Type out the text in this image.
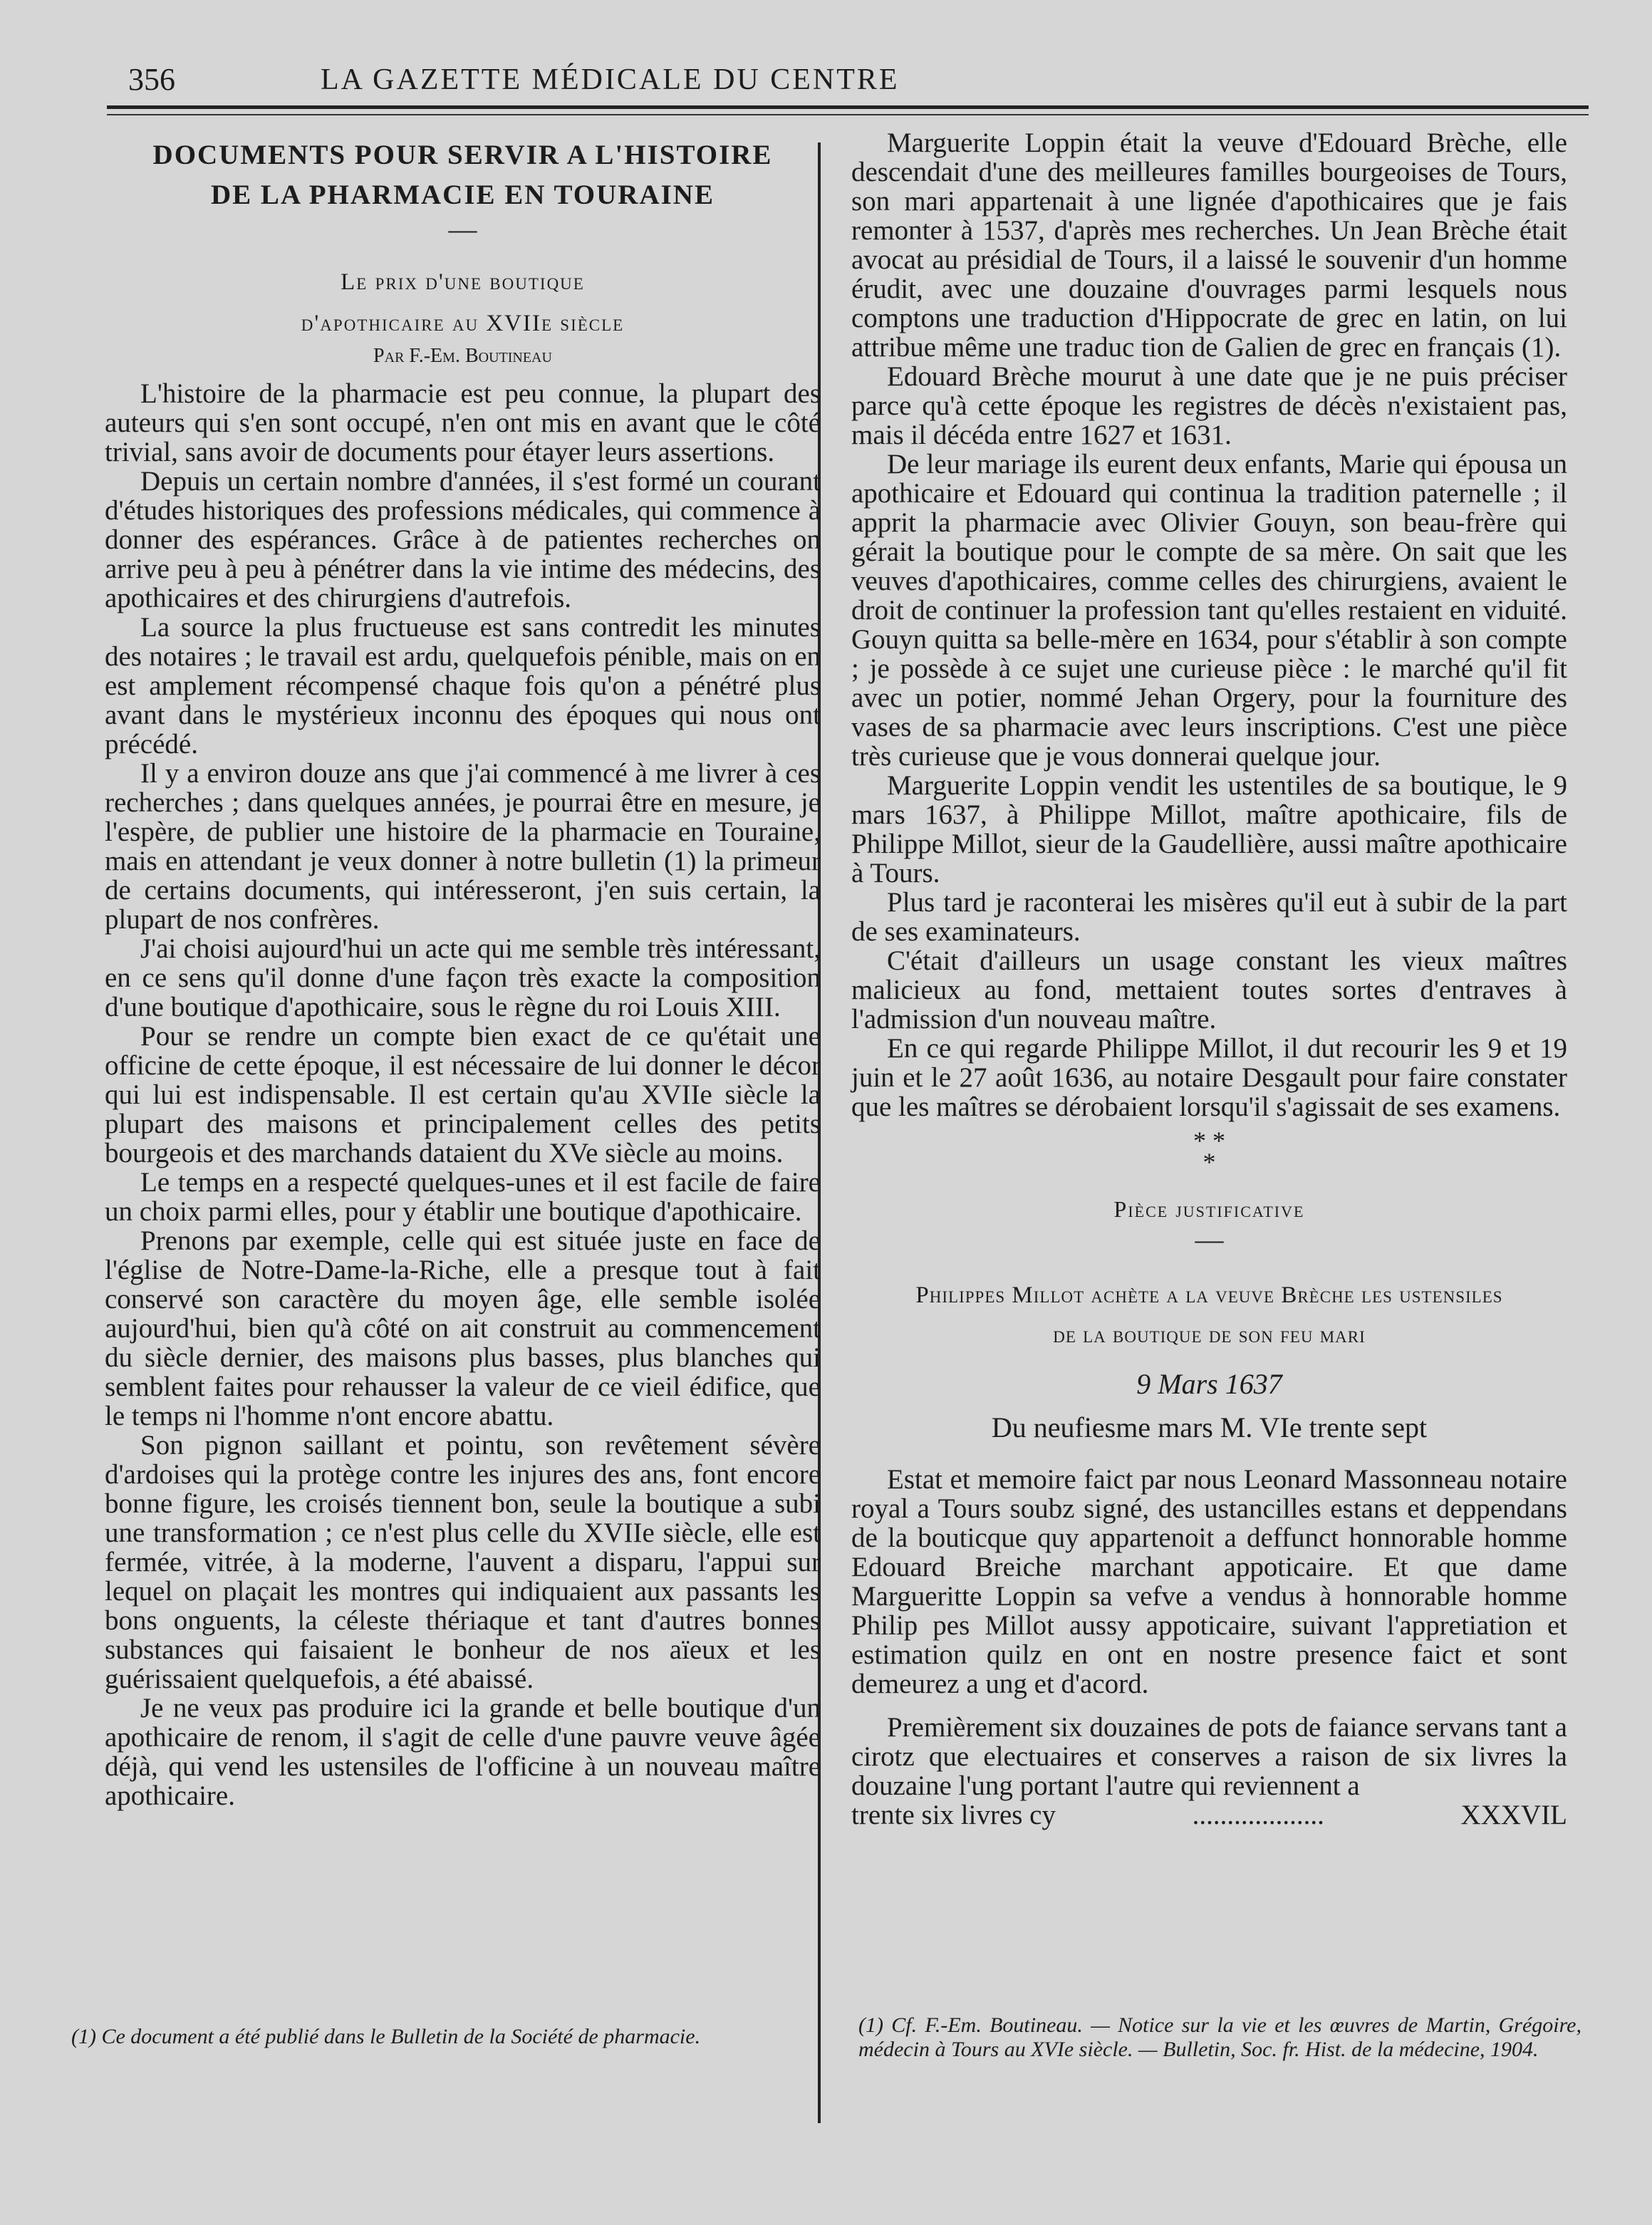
356	LA GAZETTE MÉDICALE DU CENTRE
DOCUMENTS POUR SERVIR A L'HISTOIRE
DE LA PHARMACIE EN TOURAINE
—
Le prix d'une boutique
d'apothicaire au XVIIe siècle
Par F.-Em. Boutineau

L'histoire de la pharmacie est peu connue, la plupart des auteurs qui s'en sont occupé, n'en ont mis en avant que le côté trivial, sans avoir de documents pour étayer leurs assertions.

Depuis un certain nombre d'années, il s'est formé un courant d'études historiques des professions médicales, qui commence à donner des espérances. Grâce à de patientes recherches on arrive peu à peu à pénétrer dans la vie intime des médecins, des apothicaires et des chirurgiens d'autrefois.

La source la plus fructueuse est sans contredit les minutes des notaires ; le travail est ardu, quelquefois pénible, mais on en est amplement récompensé chaque fois qu'on a pénétré plus avant dans le mystérieux inconnu des époques qui nous ont précédé.

Il y a environ douze ans que j'ai commencé à me livrer à ces recherches ; dans quelques années, je pourrai être en mesure, je l'espère, de publier une histoire de la pharmacie en Touraine, mais en attendant je veux donner à notre bulletin (1) la primeur de certains documents, qui intéresseront, j'en suis certain, la plupart de nos confrères.

J'ai choisi aujourd'hui un acte qui me semble très intéressant, en ce sens qu'il donne d'une façon très exacte la composition d'une boutique d'apothicaire, sous le règne du roi Louis XIII.

Pour se rendre un compte bien exact de ce qu'était une officine de cette époque, il est nécessaire de lui donner le décor qui lui est indispensable. Il est certain qu'au XVIIe siècle la plupart des maisons et principalement celles des petits bourgeois et des marchands dataient du XVe siècle au moins.

Le temps en a respecté quelques-unes et il est facile de faire un choix parmi elles, pour y établir une boutique d'apothicaire.

Prenons par exemple, celle qui est située juste en face de l'église de Notre-Dame-la-Riche, elle a presque tout à fait conservé son caractère du moyen âge, elle semble isolée aujourd'hui, bien qu'à côté on ait construit au commencement du siècle dernier, des maisons plus basses, plus blanches qui semblent faites pour rehausser la valeur de ce vieil édifice, que le temps ni l'homme n'ont encore abattu.

Son pignon saillant et pointu, son revêtement sévère d'ardoises qui la protège contre les injures des ans, font encore bonne figure, les croisés tiennent bon, seule la boutique a subi une transformation ; ce n'est plus celle du XVIIe siècle, elle est fermée, vitrée, à la moderne, l'auvent a disparu, l'appui sur lequel on plaçait les montres qui indiquaient aux passants les bons onguents, la céleste thériaque et tant d'autres bonnes substances qui faisaient le bonheur de nos aïeux et les guérissaient quelquefois, a été abaissé.

Je ne veux pas produire ici la grande et belle boutique d'un apothicaire de renom, il s'agit de celle d'une pauvre veuve âgée déjà, qui vend les ustensiles de l'officine à un nouveau maître apothicaire.

(1) Ce document a été publié dans le Bulletin de la Société de pharmacie.

Marguerite Loppin était la veuve d'Edouard Brèche, elle descendait d'une des meilleures familles bourgeoises de Tours, son mari appartenait à une lignée d'apothicaires que je fais remonter à 1537, d'après mes recherches. Un Jean Brèche était avocat au présidial de Tours, il a laissé le souvenir d'un homme érudit, avec une douzaine d'ouvrages parmi lesquels nous comptons une traduction d'Hippocrate de grec en latin, on lui attribue même une traduc tion de Galien de grec en français (1).

Edouard Brèche mourut à une date que je ne puis préciser parce qu'à cette époque les registres de décès n'existaient pas, mais il décéda entre 1627 et 1631.

De leur mariage ils eurent deux enfants, Marie qui épousa un apothicaire et Edouard qui continua la tradition paternelle ; il apprit la pharmacie avec Olivier Gouyn, son beau-frère qui gérait la boutique pour le compte de sa mère. On sait que les veuves d'apothicaires, comme celles des chirurgiens, avaient le droit de continuer la profession tant qu'elles restaient en viduité. Gouyn quitta sa belle-mère en 1634, pour s'établir à son compte ; je possède à ce sujet une curieuse pièce : le marché qu'il fit avec un potier, nommé Jehan Orgery, pour la fourniture des vases de sa pharmacie avec leurs inscriptions. C'est une pièce très curieuse que je vous donnerai quelque jour.

Marguerite Loppin vendit les ustentiles de sa boutique, le 9 mars 1637, à Philippe Millot, maître apothicaire, fils de Philippe Millot, sieur de la Gaudellière, aussi maître apothicaire à Tours.

Plus tard je raconterai les misères qu'il eut à subir de la part de ses examinateurs.

C'était d'ailleurs un usage constant les vieux maîtres malicieux au fond, mettaient toutes sortes d'entraves à l'admission d'un nouveau maître.

En ce qui regarde Philippe Millot, il dut recourir les 9 et 19 juin et le 27 août 1636, au notaire Desgault pour faire constater que les maîtres se dérobaient lorsqu'il s'agissait de ses examens.

* *
*
Pièce justificative
—
Philippes Millot achète a la veuve Brèche les ustensiles
de la boutique de son feu mari
9 Mars 1637
Du neufiesme mars M. VIe trente sept

Estat et memoire faict par nous Leonard Massonneau notaire royal a Tours soubz signé, des ustancilles estans et deppendans de la bouticque quy appartenoit a deffunct honnorable homme Edouard Breiche marchant appoticaire. Et que dame Margueritte Loppin sa vefve a vendus à honnorable homme Philip pes Millot aussy appoticaire, suivant l'appretiation et estimation quilz en ont en nostre presence faict et sont demeurez a ung et d'acord.

Premièrement six douzaines de pots de faiance servans tant a cirotz que electuaires et conserves a raison de six livres la douzaine l'ung portant l'autre qui reviennent a

trente six livres cy	...................	XXXVIL
(1) Cf. F.-Em. Boutineau. — Notice sur la vie et les œuvres de Martin, Grégoire, médecin à Tours au XVIe siècle. — Bulletin, Soc. fr. Hist. de la médecine, 1904.
